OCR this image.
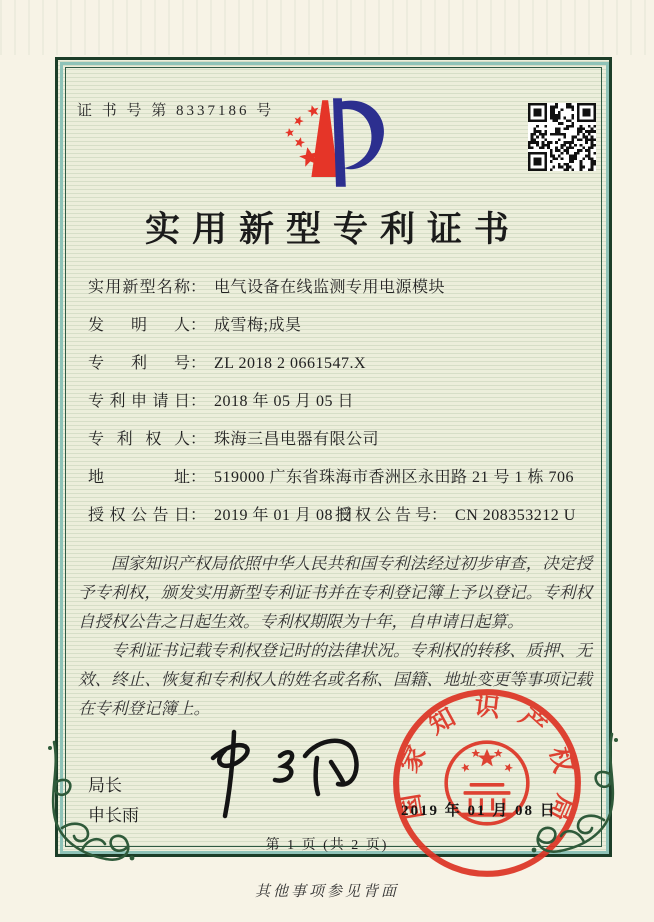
证 书 号 第 8337186 号
实用新型专利证书
实用新型名称： 电气设备在线监测专用电源模块
发明人： 成雪梅;成昊
专利号： ZL 2018 2 0661547.X
专利申请日： 2018 年 05 月 05 日
专利权人： 珠海三昌电器有限公司
地址： 519000 广东省珠海市香洲区永田路 21 号 1 栋 706
授权公告日： 2019 年 01 月 08 日
授权公告号： CN 208353212 U

国家知识产权局依照中华人民共和国专利法经过初步审查，决定授予专利权，颁发实用新型专利证书并在专利登记簿上予以登记。专利权自授权公告之日起生效。专利权期限为十年，自申请日起算。

专利证书记载专利权登记时的法律状况。专利权的转移、质押、无效、终止、恢复和专利权人的姓名或名称、国籍、地址变更等事项记载在专利登记簿上。

局长
申长雨	国家知识产权局
2019 年 01 月 08 日
第 1 页 (共 2 页)
其他事项参见背面
